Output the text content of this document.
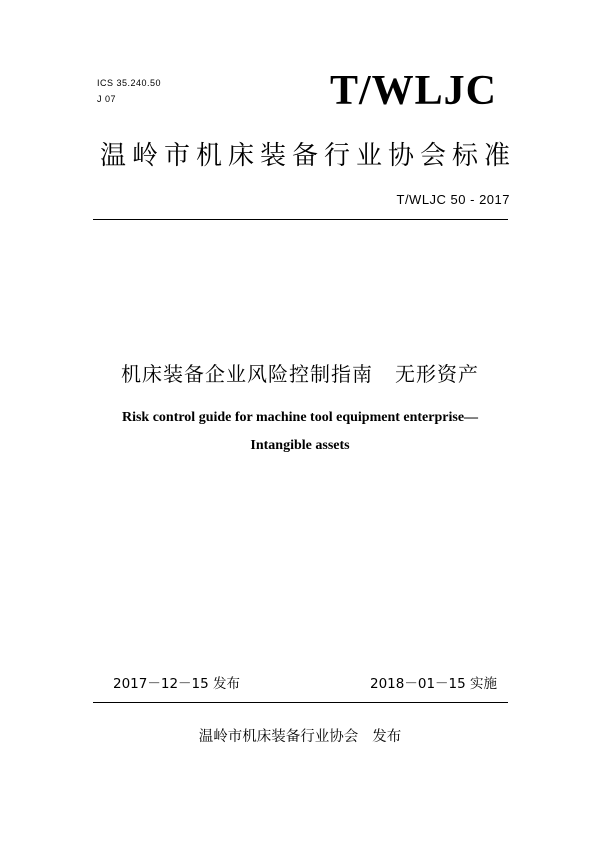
ICS 35.240.50

J 07	T/WLJC

温岭市机床装备行业协会标准

T/WLJC 50 - 2017

机床装备企业风险控制指南 无形资产

Risk control guide for machine tool equipment enterprise—

Intangible assets

2017－12－15 发布	2018－01－15 实施

温岭市机床装备行业协会 发布
